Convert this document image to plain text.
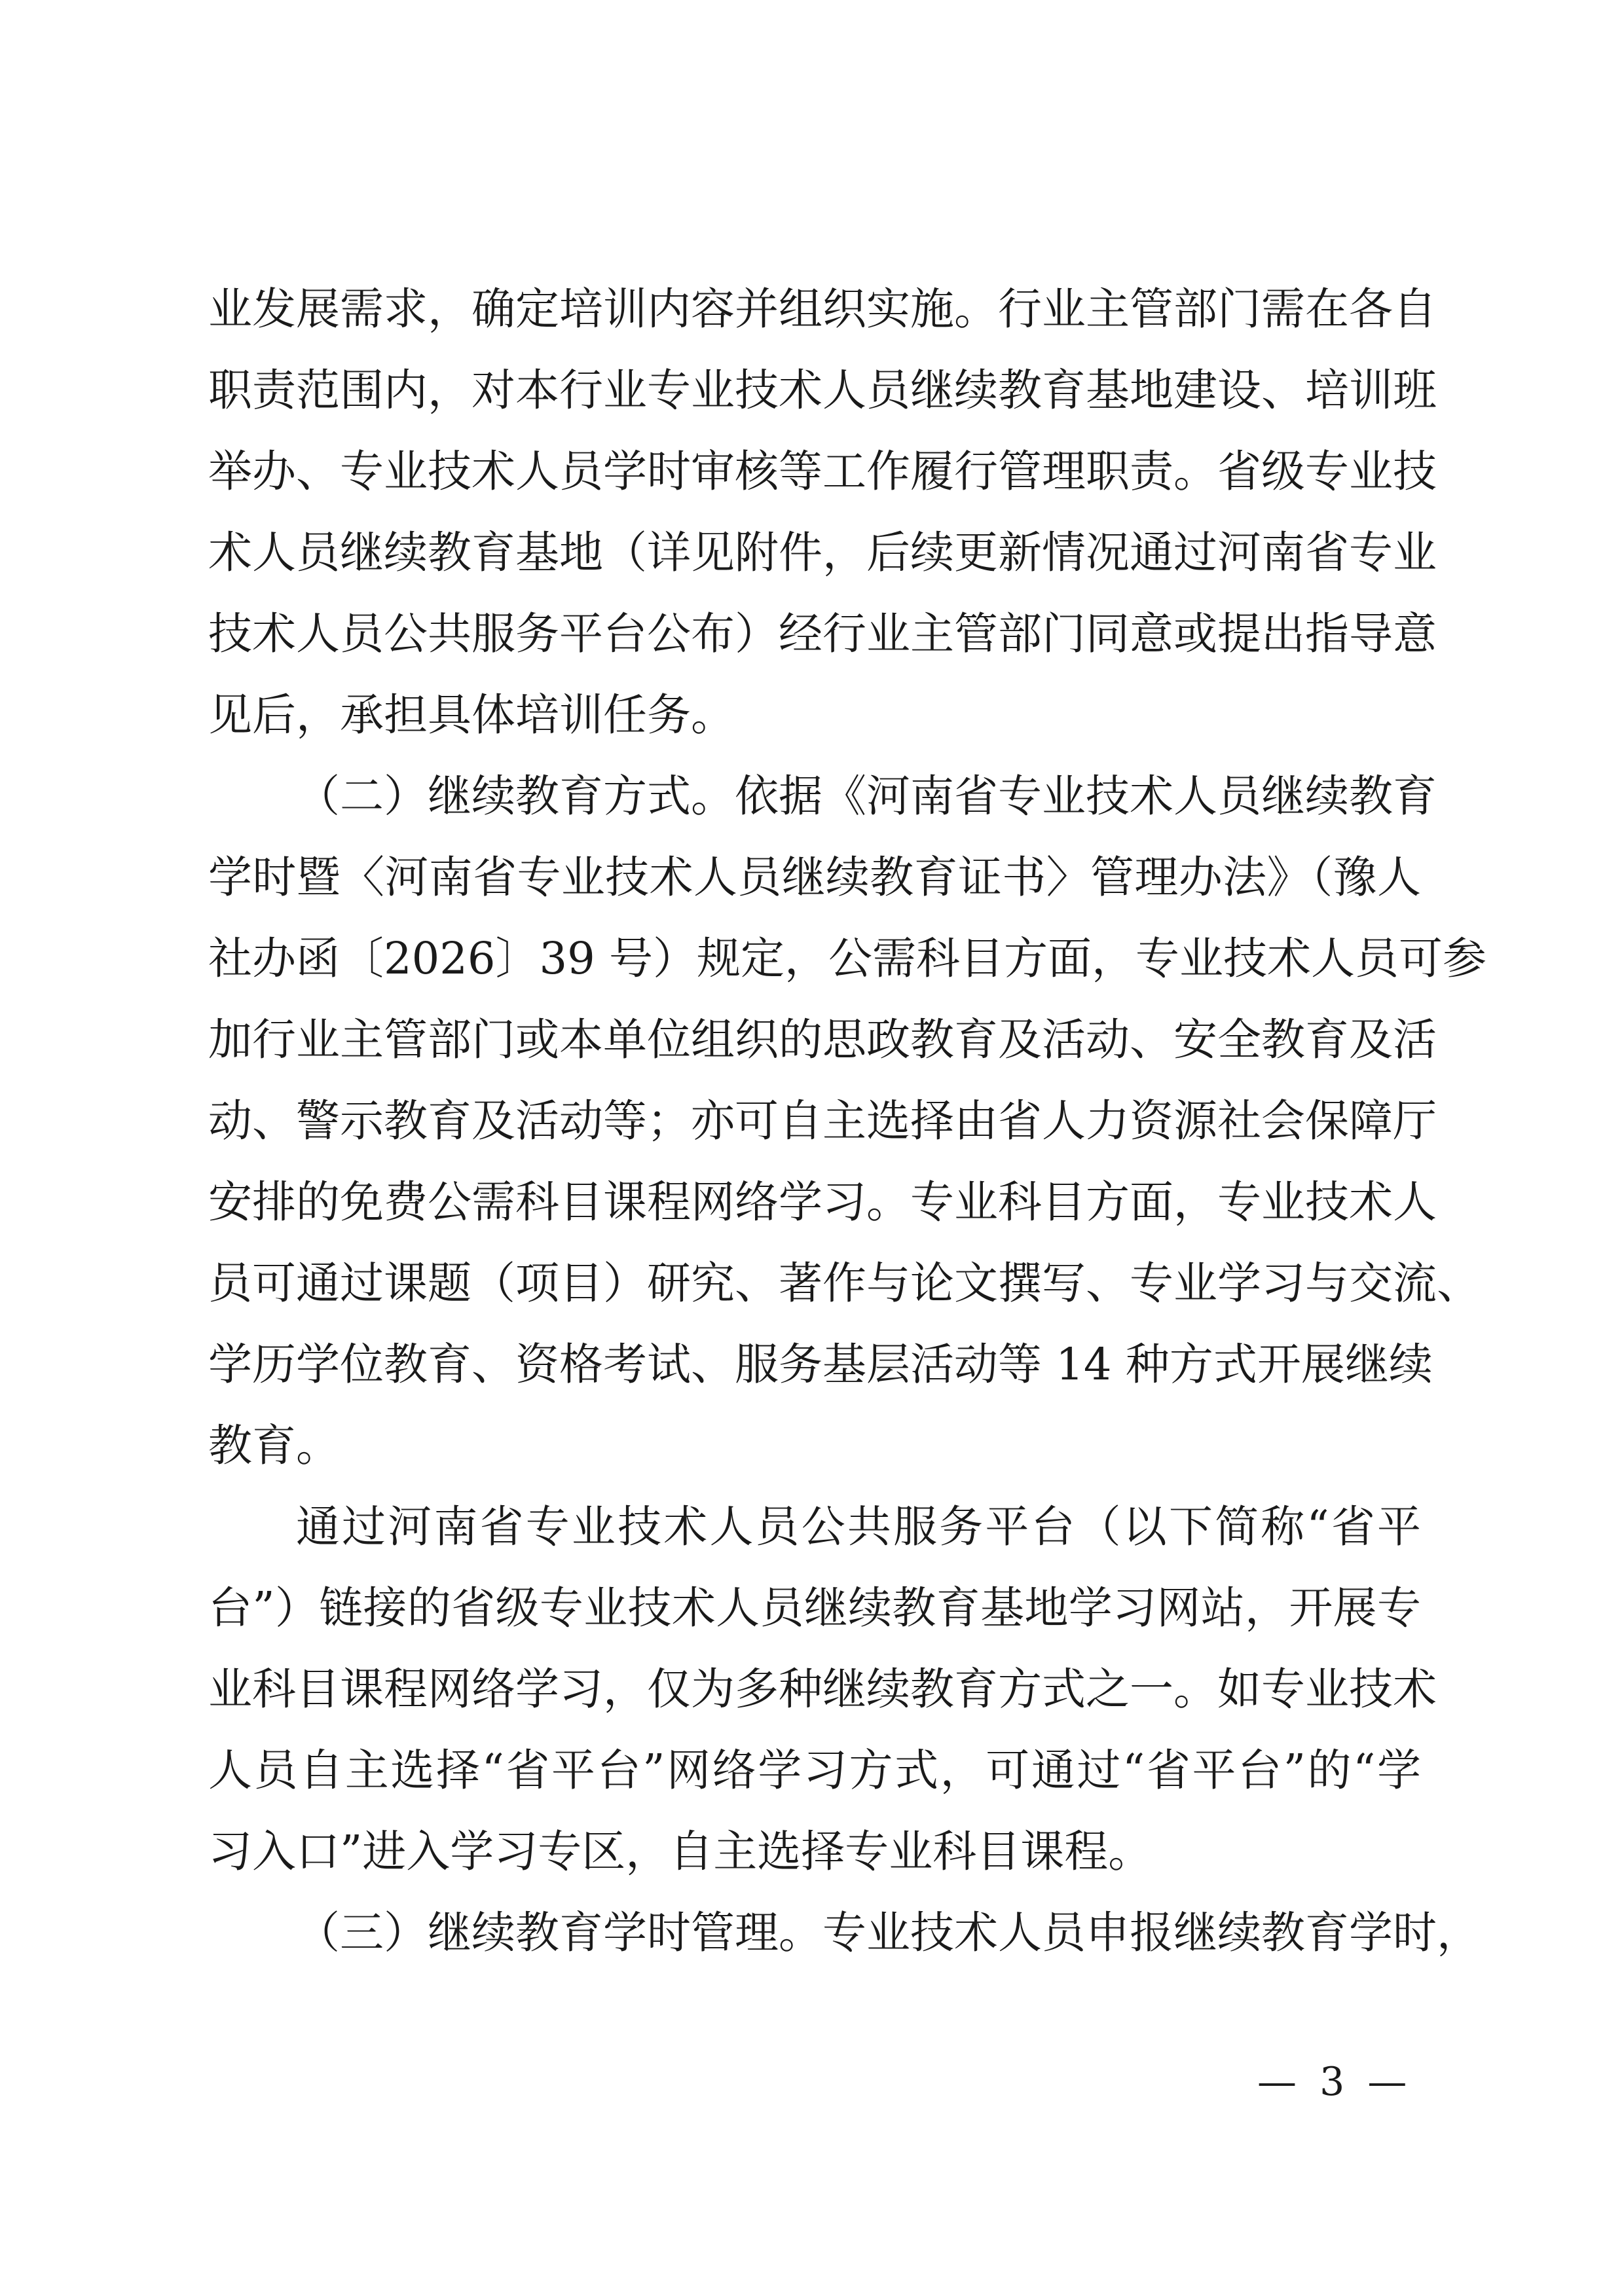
业发展需求，确定培训内容并组织实施。行业主管部门需在各自
职责范围内，对本行业专业技术人员继续教育基地建设、培训班
举办、专业技术人员学时审核等工作履行管理职责。省级专业技
术人员继续教育基地（详见附件，后续更新情况通过河南省专业
技术人员公共服务平台公布）经行业主管部门同意或提出指导意
见后，承担具体培训任务。
（二）继续教育方式。依据《河南省专业技术人员继续教育
学时暨〈河南省专业技术人员继续教育证书〉管理办法》（豫人
社办函〔2026〕39 号）规定，公需科目方面，专业技术人员可参
加行业主管部门或本单位组织的思政教育及活动、安全教育及活
动、警示教育及活动等；亦可自主选择由省人力资源社会保障厅
安排的免费公需科目课程网络学习。专业科目方面，专业技术人
员可通过课题（项目）研究、著作与论文撰写、专业学习与交流、
学历学位教育、资格考试、服务基层活动等 14 种方式开展继续
教育。
通过河南省专业技术人员公共服务平台（以下简称“省平
台”）链接的省级专业技术人员继续教育基地学习网站，开展专
业科目课程网络学习，仅为多种继续教育方式之一。如专业技术
人员自主选择“省平台”网络学习方式，可通过“省平台”的“学
习入口”进入学习专区，自主选择专业科目课程。
（三）继续教育学时管理。专业技术人员申报继续教育学时，
— 3 —
